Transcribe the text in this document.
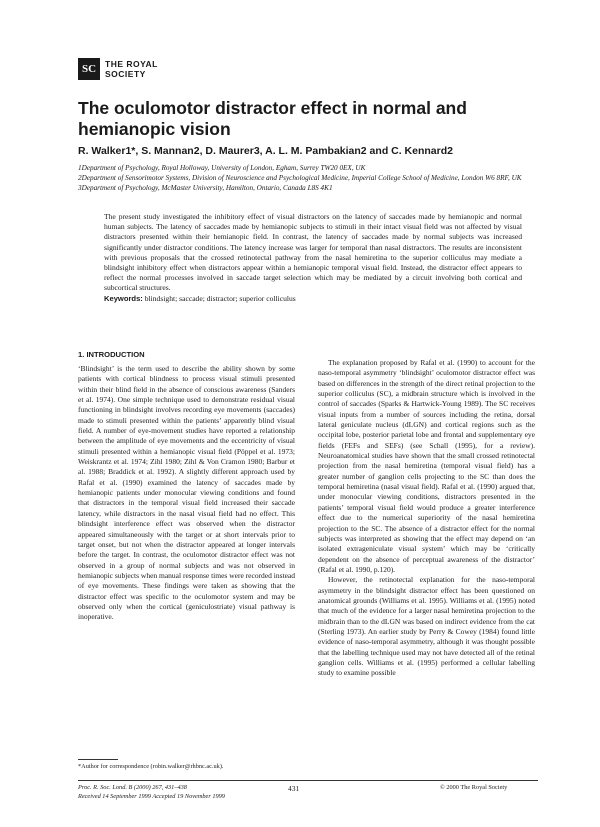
SC	THE ROYAL
SOCIETY
The oculomotor distractor effect in normal and hemianopic vision
R. Walker1*, S. Mannan2, D. Maurer3, A. L. M. Pambakian2 and C. Kennard2

1Department of Psychology, Royal Holloway, University of London, Egham, Surrey TW20 0EX, UK

2Department of Sensorimotor Systems, Division of Neuroscience and Psychological Medicine, Imperial College School of Medicine, London W6 8RF, UK

3Department of Psychology, McMaster University, Hamilton, Ontario, Canada L8S 4K1

The present study investigated the inhibitory effect of visual distractors on the latency of saccades made by hemianopic and normal human subjects. The latency of saccades made by hemianopic subjects to stimuli in their intact visual field was not affected by visual distractors presented within their hemianopic field. In contrast, the latency of saccades made by normal subjects was increased significantly under distractor conditions. The latency increase was larger for temporal than nasal distractors. The results are inconsistent with previous proposals that the crossed retinotectal pathway from the nasal hemiretina to the superior colliculus may mediate a blindsight inhibitory effect when distractors appear within a hemianopic temporal visual field. Instead, the distractor effect appears to reflect the normal processes involved in saccade target selection which may be mediated by a circuit involving both cortical and subcortical structures.

Keywords: blindsight; saccade; distractor; superior colliculus
1. INTRODUCTION

‘Blindsight’ is the term used to describe the ability shown by some patients with cortical blindness to process visual stimuli presented within their blind field in the absence of conscious awareness (Sanders et al. 1974). One simple technique used to demonstrate residual visual functioning in blindsight involves recording eye movements (saccades) made to stimuli presented within the patients’ apparently blind visual field. A number of eye-movement studies have reported a relationship between the amplitude of eye movements and the eccentricity of visual stimuli presented within a hemianopic visual field (Pöppel et al. 1973; Weiskrantz et al. 1974; Zihl 1980; Zihl & Von Cramon 1980; Barbur et al. 1988; Braddick et al. 1992). A slightly different approach used by Rafal et al. (1990) examined the latency of saccades made by hemianopic patients under monocular viewing conditions and found that distractors in the temporal visual field increased their saccade latency, while distractors in the nasal visual field had no effect. This blindsight interference effect was observed when the distractor appeared simultaneously with the target or at short intervals prior to target onset, but not when the distractor appeared at longer intervals before the target. In contrast, the oculomotor distractor effect was not observed in a group of normal subjects and was not observed in hemianopic subjects when manual response times were recorded instead of eye movements. These findings were taken as showing that the distractor effect was specific to the oculomotor system and may be observed only when the cortical (geniculostriate) visual pathway is inoperative.

The explanation proposed by Rafal et al. (1990) to account for the naso-temporal asymmetry ‘blindsight’ oculomotor distractor effect was based on differences in the strength of the direct retinal projection to the superior colliculus (SC), a midbrain structure which is involved in the control of saccades (Sparks & Hartwick-Young 1989). The SC receives visual inputs from a number of sources including the retina, dorsal lateral geniculate nucleus (dLGN) and cortical regions such as the occipital lobe, posterior parietal lobe and frontal and supplementary eye fields (FEFs and SEFs) (see Schall (1995), for a review). Neuroanatomical studies have shown that the small crossed retinotectal projection from the nasal hemiretina (temporal visual field) has a greater number of ganglion cells projecting to the SC than does the temporal hemiretina (nasal visual field). Rafal et al. (1990) argued that, under monocular viewing conditions, distractors presented in the patients’ temporal visual field would produce a greater interference effect due to the numerical superiority of the nasal hemiretina projection to the SC. The absence of a distractor effect for the normal subjects was interpreted as showing that the effect may depend on ‘an isolated extrageniculate visual system’ which may be ‘critically dependent on the absence of perceptual awareness of the distractor’ (Rafal et al. 1990, p.120).

However, the retinotectal explanation for the naso-temporal asymmetry in the blindsight distractor effect has been questioned on anatomical grounds (Williams et al. 1995). Williams et al. (1995) noted that much of the evidence for a larger nasal hemiretina projection to the midbrain than to the dLGN was based on indirect evidence from the cat (Sterling 1973). An earlier study by Perry & Cowey (1984) found little evidence of naso-temporal asymmetry, although it was thought possible that the labelling technique used may not have detected all of the retinal ganglion cells. Williams et al. (1995) performed a cellular labelling study to examine possible

*Author for correspondence (robin.walker@rhbnc.ac.uk).
Proc. R. Soc. Lond. B (2000) 267, 431–438
Received 14 September 1999 Accepted 19 November 1999
431	© 2000 The Royal Society
